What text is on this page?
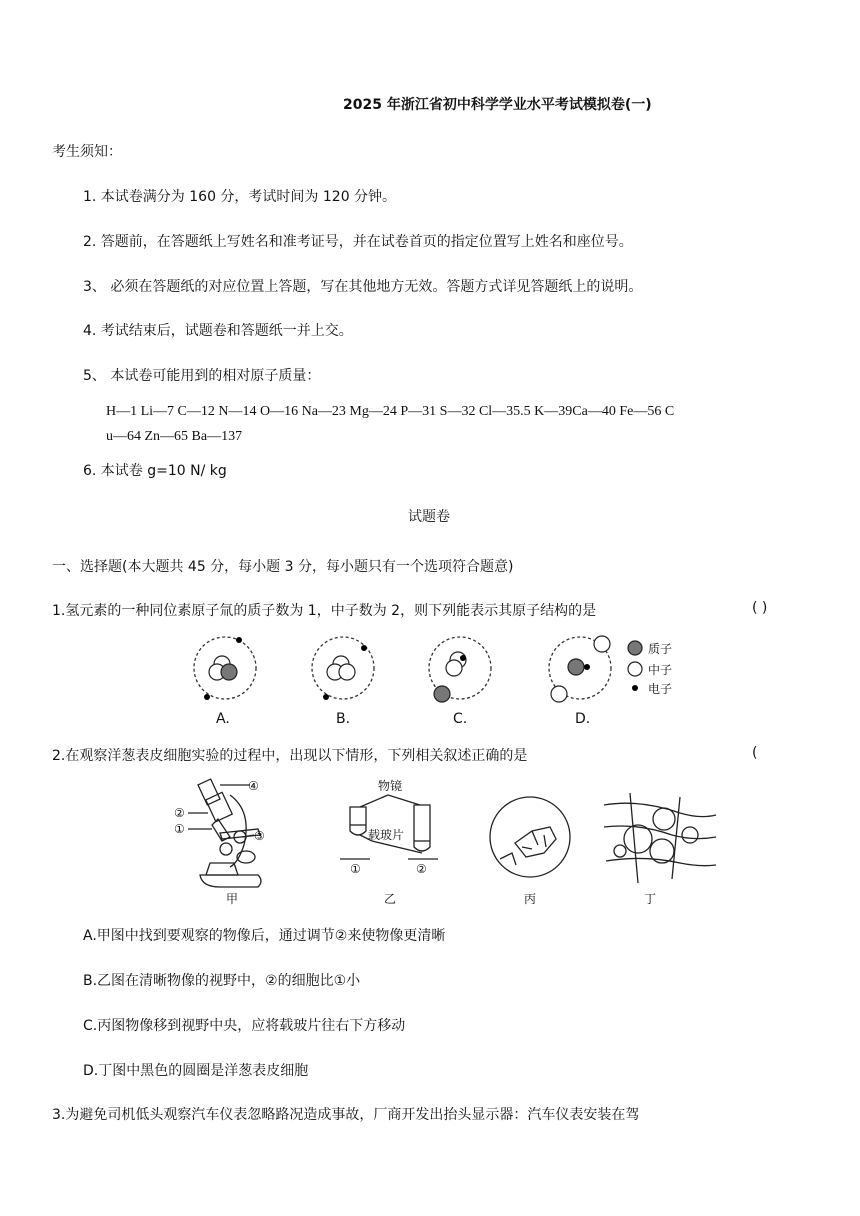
2025 年浙江省初中科学学业水平考试模拟卷(一)
考生须知：
1. 本试卷满分为 160 分，考试时间为 120 分钟。
2. 答题前，在答题纸上写姓名和准考证号，并在试卷首页的指定位置写上姓名和座位号。
3、 必须在答题纸的对应位置上答题，写在其他地方无效。答题方式详见答题纸上的说明。
4. 考试结束后，试题卷和答题纸一并上交。
5、 本试卷可能用到的相对原子质量：
H—1 Li—7 C—12 N—14 O—16 Na—23 Mg—24 P—31 S—32 Cl—35.5 K—39Ca—40 Fe—56 C
u—64 Zn—65 Ba—137
6. 本试卷 g=10 N/ kg
试题卷
一、选择题(本大题共 45 分，每小题 3 分，每小题只有一个选项符合题意)
1.氢元素的一种同位素原子氚的质子数为 1，中子数为 2，则下列能表示其原子结构的是	( )
A.	B.	C.	D.
质子
中子
电子
2.在观察洋葱表皮细胞实验的过程中，出现以下情形，下列相关叙述正确的是	(
④
②
①	③
甲
物镜
载玻片
①	②
乙	丙	丁
A.甲图中找到要观察的物像后，通过调节②来使物像更清晰
B.乙图在清晰物像的视野中，②的细胞比①小
C.丙图物像移到视野中央，应将载玻片往右下方移动
D.丁图中黑色的圆圈是洋葱表皮细胞
3.为避免司机低头观察汽车仪表忽略路况造成事故，厂商开发出抬头显示器：汽车仪表安装在驾
